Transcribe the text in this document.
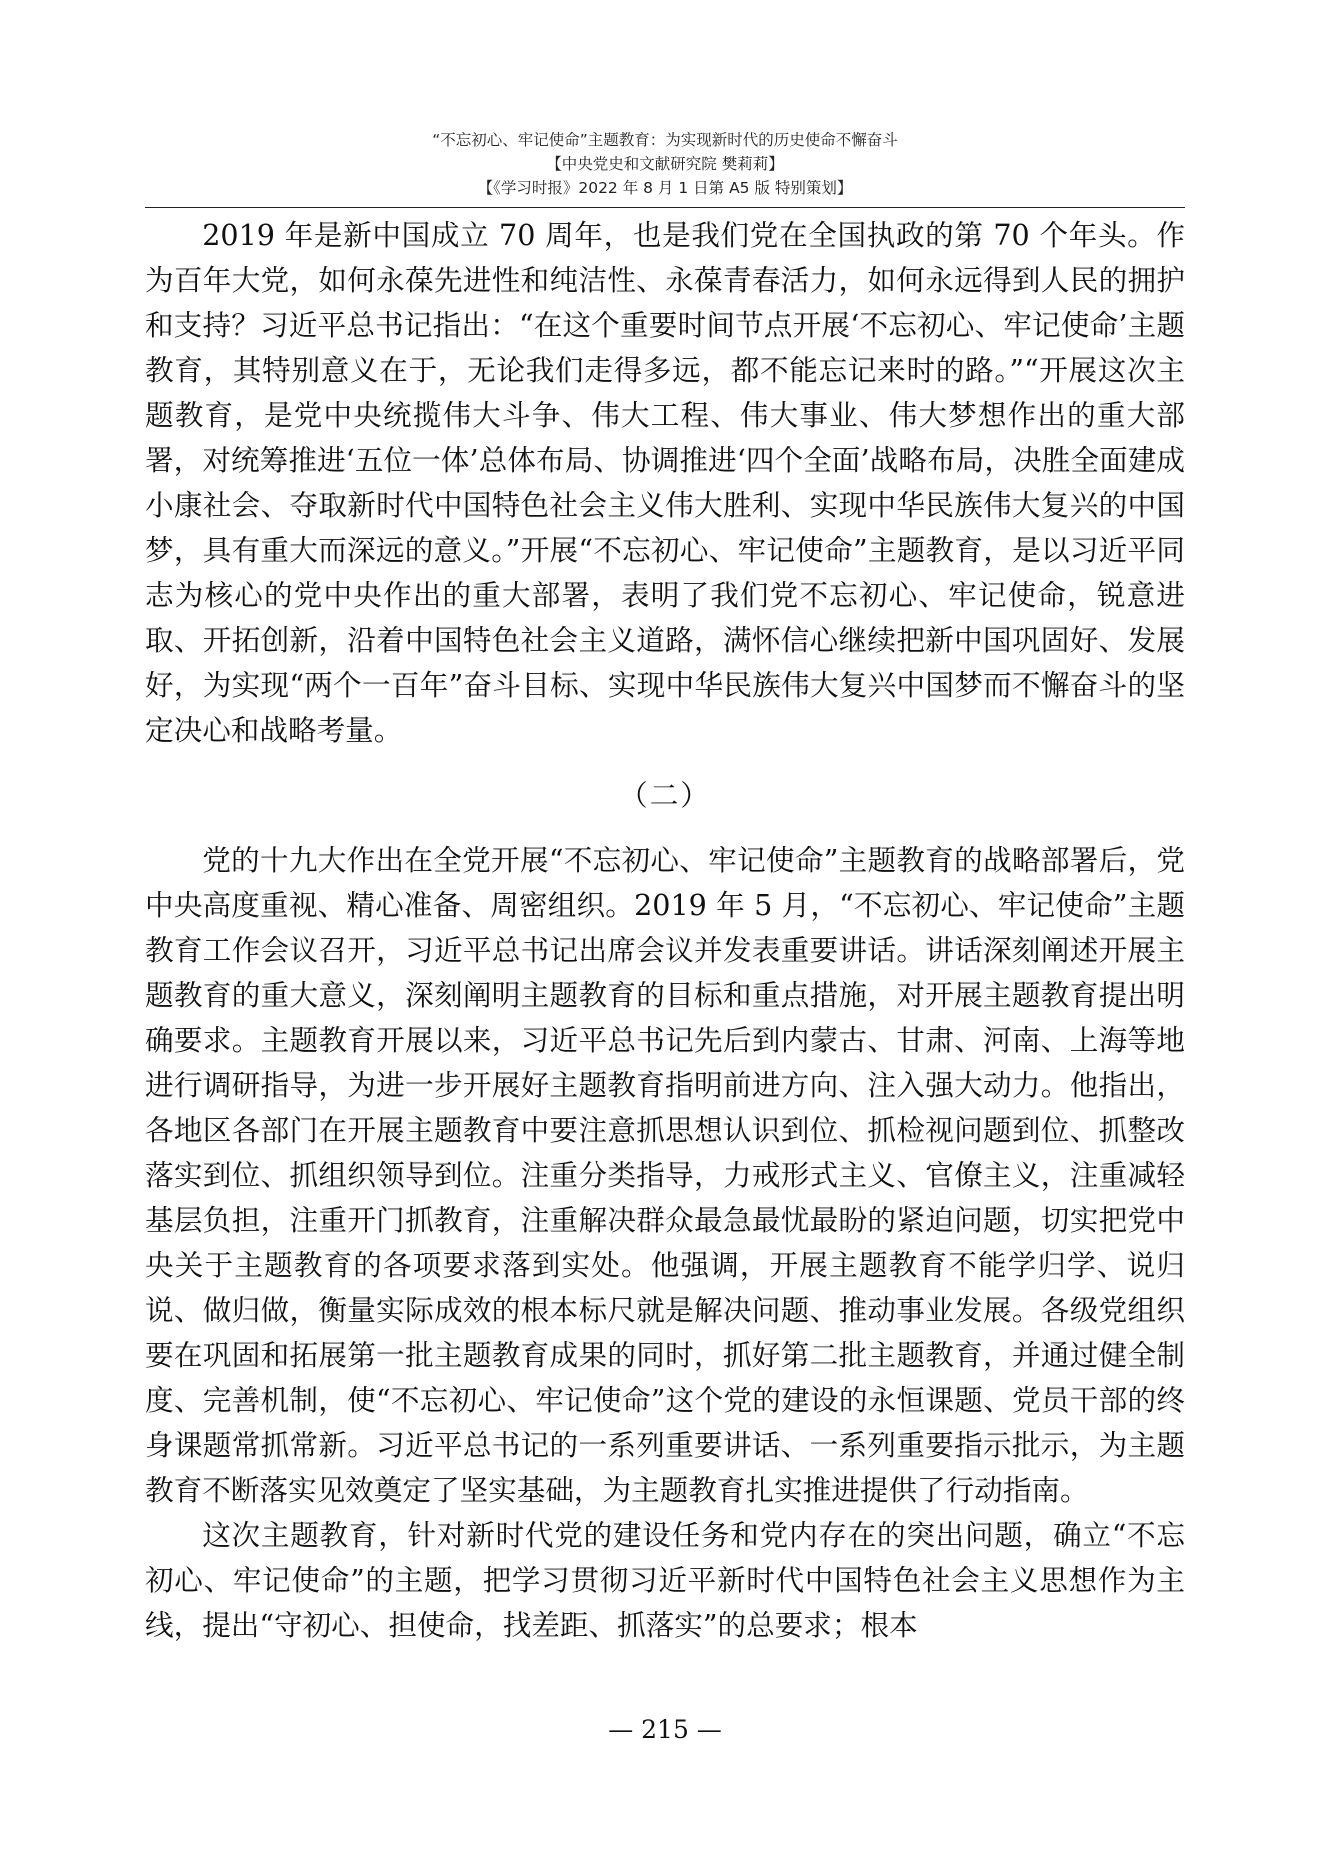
“不忘初心、牢记使命”主题教育：为实现新时代的历史使命不懈奋斗
【中央党史和文献研究院 樊莉莉】
【《学习时报》2022 年 8 月 1 日第 A5 版 特别策划】

2019 年是新中国成立 70 周年，也是我们党在全国执政的第 70 个年头。作为百年大党，如何永葆先进性和纯洁性、永葆青春活力，如何永远得到人民的拥护和支持？习近平总书记指出：“在这个重要时间节点开展‘不忘初心、牢记使命’主题教育，其特别意义在于，无论我们走得多远，都不能忘记来时的路。”“开展这次主题教育，是党中央统揽伟大斗争、伟大工程、伟大事业、伟大梦想作出的重大部署，对统筹推进‘五位一体’总体布局、协调推进‘四个全面’战略布局，决胜全面建成小康社会、夺取新时代中国特色社会主义伟大胜利、实现中华民族伟大复兴的中国梦，具有重大而深远的意义。”开展“不忘初心、牢记使命”主题教育，是以习近平同志为核心的党中央作出的重大部署，表明了我们党不忘初心、牢记使命，锐意进取、开拓创新，沿着中国特色社会主义道路，满怀信心继续把新中国巩固好、发展好，为实现“两个一百年”奋斗目标、实现中华民族伟大复兴中国梦而不懈奋斗的坚定决心和战略考量。

（二）

党的十九大作出在全党开展“不忘初心、牢记使命”主题教育的战略部署后，党中央高度重视、精心准备、周密组织。2019 年 5 月，“不忘初心、牢记使命”主题教育工作会议召开，习近平总书记出席会议并发表重要讲话。讲话深刻阐述开展主题教育的重大意义，深刻阐明主题教育的目标和重点措施，对开展主题教育提出明确要求。主题教育开展以来，习近平总书记先后到内蒙古、甘肃、河南、上海等地进行调研指导，为进一步开展好主题教育指明前进方向、注入强大动力。他指出，各地区各部门在开展主题教育中要注意抓思想认识到位、抓检视问题到位、抓整改落实到位、抓组织领导到位。注重分类指导，力戒形式主义、官僚主义，注重减轻基层负担，注重开门抓教育，注重解决群众最急最忧最盼的紧迫问题，切实把党中央关于主题教育的各项要求落到实处。他强调，开展主题教育不能学归学、说归说、做归做，衡量实际成效的根本标尺就是解决问题、推动事业发展。各级党组织要在巩固和拓展第一批主题教育成果的同时，抓好第二批主题教育，并通过健全制度、完善机制，使“不忘初心、牢记使命”这个党的建设的永恒课题、党员干部的终身课题常抓常新。习近平总书记的一系列重要讲话、一系列重要指示批示，为主题教育不断落实见效奠定了坚实基础，为主题教育扎实推进提供了行动指南。

这次主题教育，针对新时代党的建设任务和党内存在的突出问题，确立“不忘初心、牢记使命”的主题，把学习贯彻习近平新时代中国特色社会主义思想作为主线，提出“守初心、担使命，找差距、抓落实”的总要求；根本

— 215 —
